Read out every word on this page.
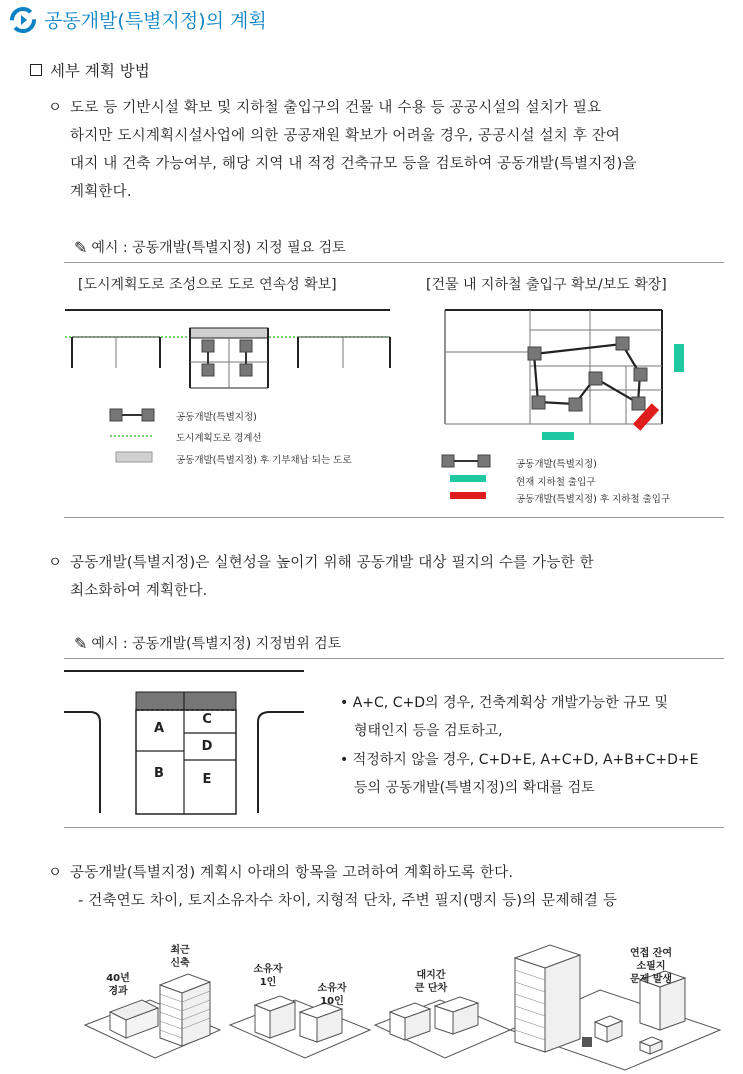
공동개발(특별지정)의 계획
세부 계획 방법
ㅇ 도로 등 기반시설 확보 및 지하철 출입구의 건물 내 수용 등 공공시설의 설치가 필요
하지만 도시계획시설사업에 의한 공공재원 확보가 어려울 경우, 공공시설 설치 후 잔여
대지 내 건축 가능여부, 해당 지역 내 적정 건축규모 등을 검토하여 공동개발(특별지정)을
계획한다.
✎ 예시 : 공동개발(특별지정) 지정 필요 검토
[도시계획도로 조성으로 도로 연속성 확보]	[건물 내 지하철 출입구 확보/보도 확장]
공동개발(특별지정)
도시계획도로 경계선
공동개발(특별지정) 후 기부채납 되는 도로	공동개발(특별지정)
현재 지하철 출입구
공동개발(특별지정) 후 지하철 출입구
ㅇ 공동개발(특별지정)은 실현성을 높이기 위해 공동개발 대상 필지의 수를 가능한 한
최소화하여 계획한다.
✎ 예시 : 공동개발(특별지정) 지정범위 검토
A
B
C
D
E
• A+C, C+D의 경우, 건축계획상 개발가능한 규모 및
형태인지 등을 검토하고,
• 적정하지 않을 경우, C+D+E, A+C+D, A+B+C+D+E
등의 공동개발(특별지정)의 확대를 검토
ㅇ 공동개발(특별지정) 계획시 아래의 항목을 고려하여 계획하도록 한다.
- 건축연도 차이, 토지소유자수 차이, 지형적 단차, 주변 필지(맹지 등)의 문제해결 등
40년
경과
최근
신축
소유자
1인
소유자
10인
대지간
큰 단차
연접 잔여
소필지
문제 발생
